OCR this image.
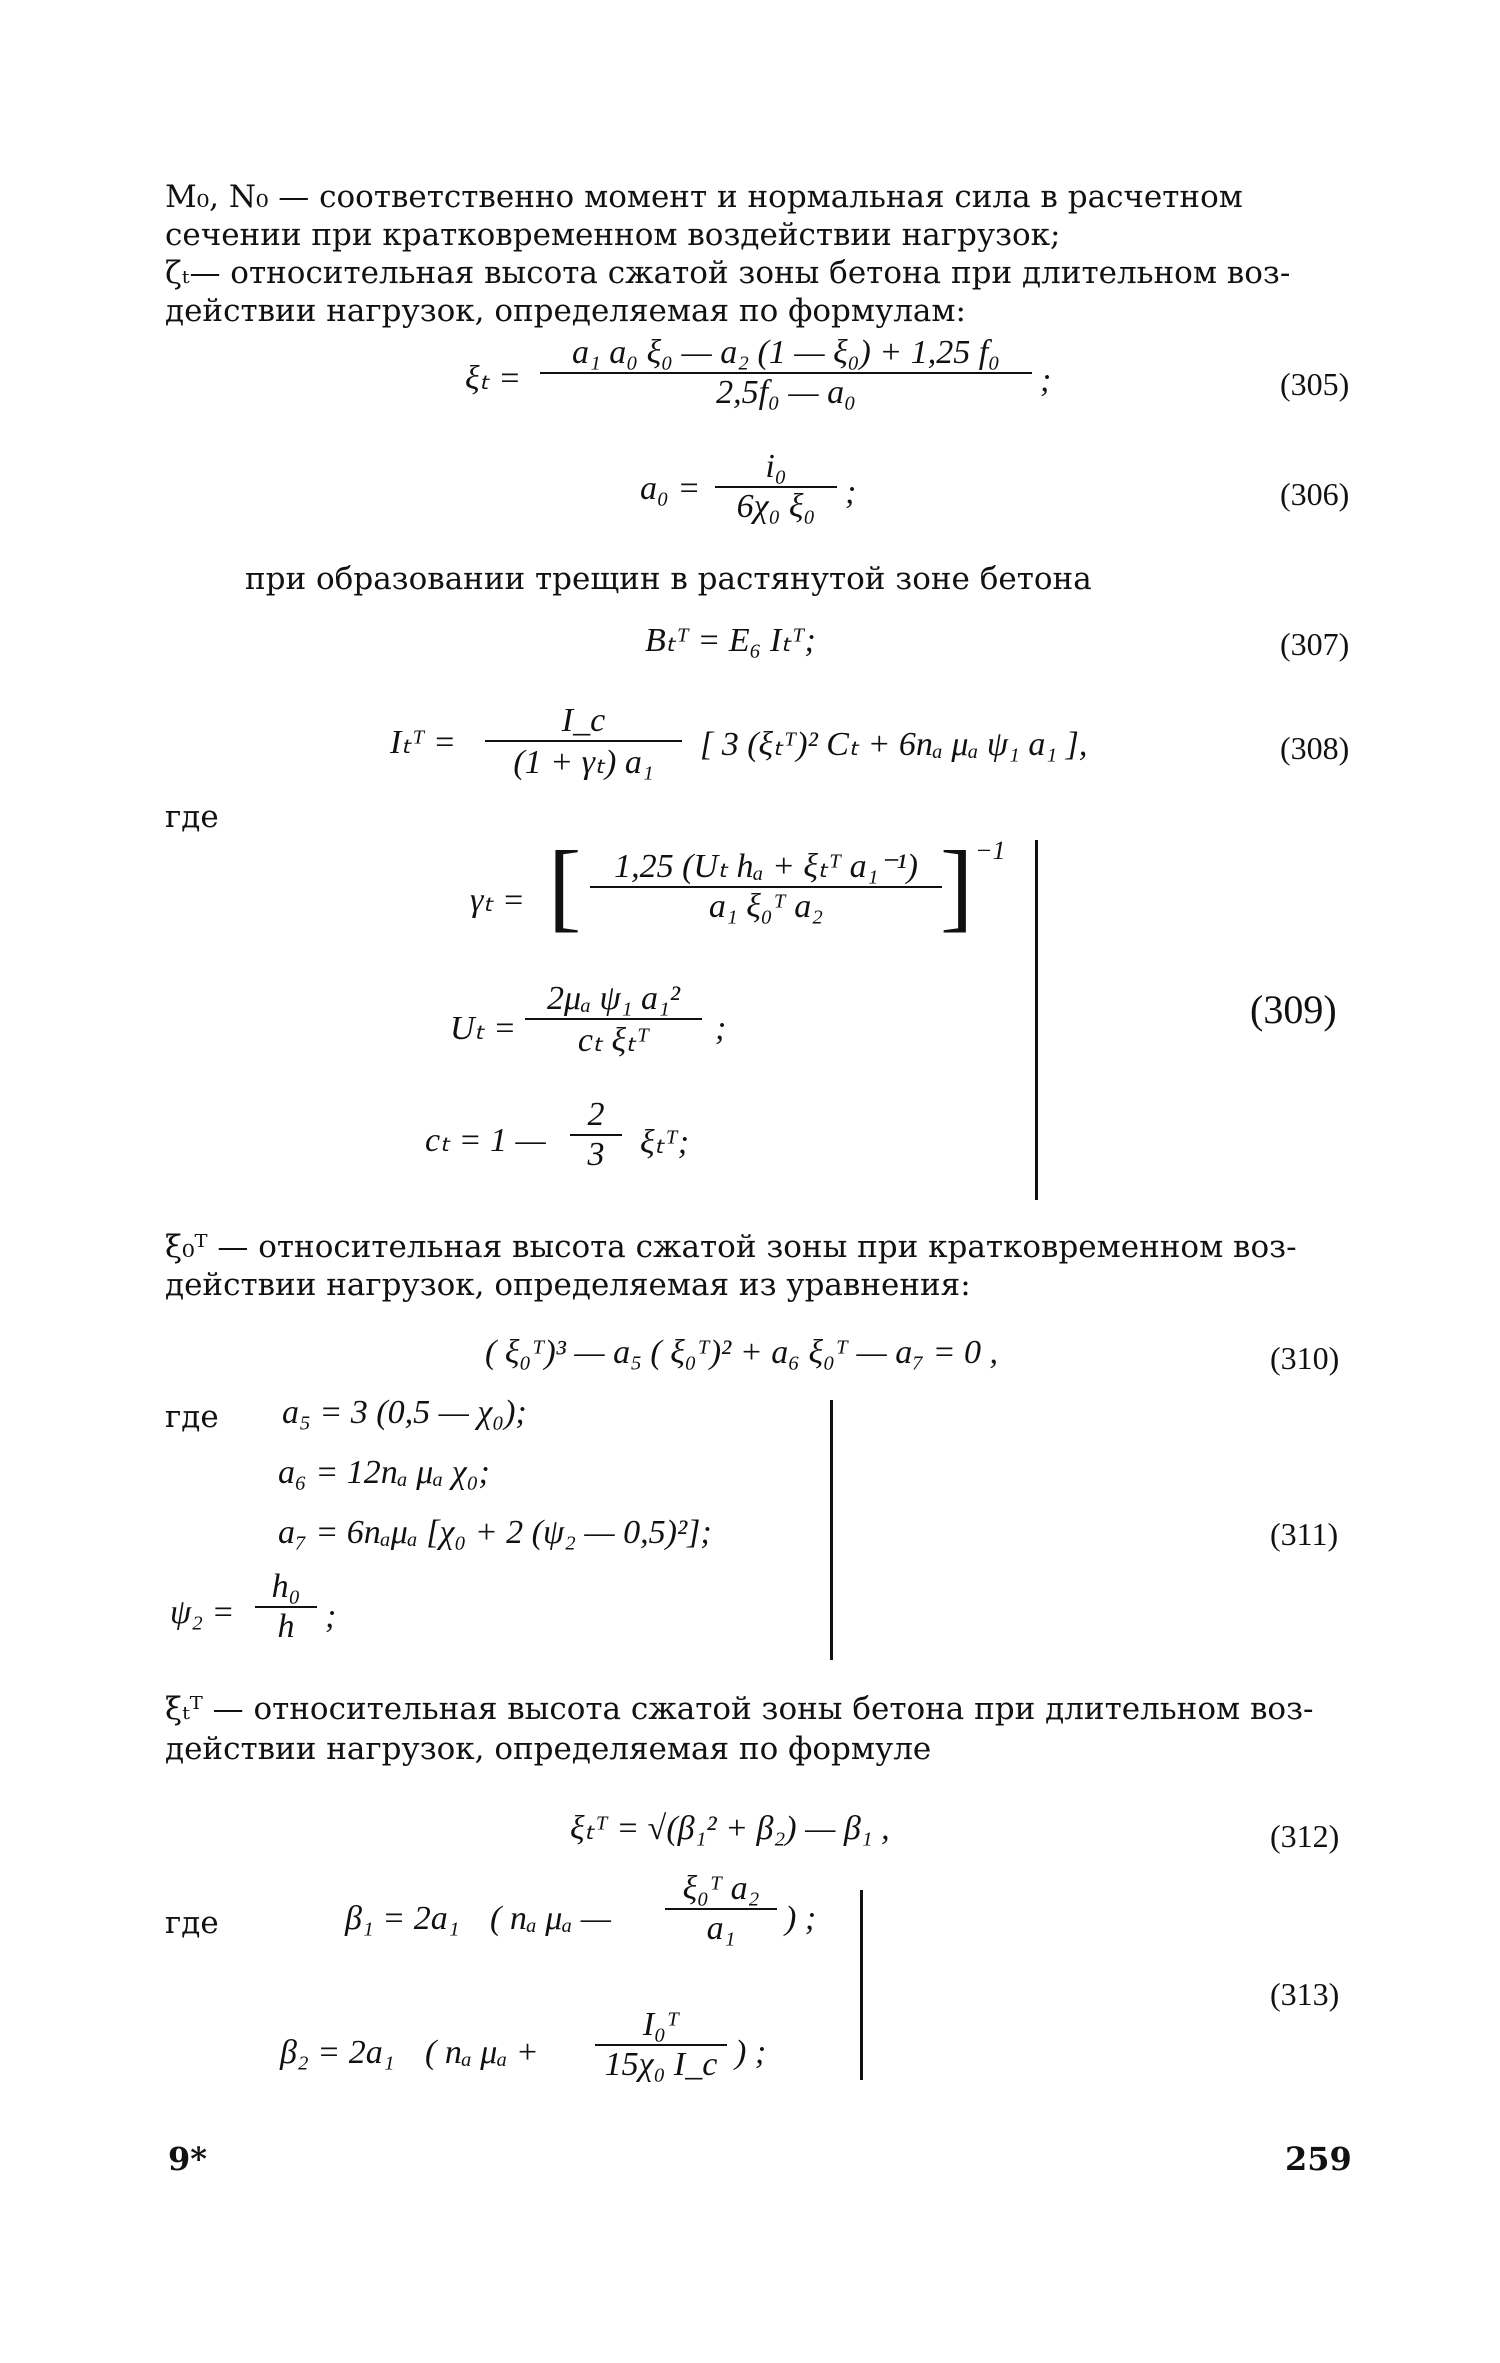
M₀, N₀ — соответственно момент и нормальная сила в расчетном
сечении при кратковременном воздействии нагрузок;
ζₜ— относительная высота сжатой зоны бетона при длительном воз-
действии нагрузок, определяемая по формулам:
$\xi_t = \frac{\text{a₁ a₀ ξ₀ — a₂ (1 — ξ₀) + 1,25 f₀}}{\text{2,5f₀ — a₀}}$ ;	(305)
$a_0 = \frac{\text{i₀}}{\text{6χ₀ ξ₀}}$ ;	(306)
при образовании трещин в растянутой зоне бетона
Bₜᵀ = E₆ Iₜᵀ;	(307)
Iₜᵀ = $\frac{I\_c}{\text{(1 + γₜ) a₁}}$ [ 3 (ξₜᵀ)² Cₜ + 6nₐ μₐ ψ₁ a₁ ],	(308)
где
γₜ = [ 1,25 (Uₜ hₐ + ξₜᵀ a₁⁻¹)
a₁ ξ₀ᵀ a₂	] −1
Uₜ =
2μₐ ψ₁ a₁²
cₜ ξₜᵀ	;
cₜ = 1 — $\frac{2}{3}$ ξₜᵀ;
(309)
ξ₀ᵀ — относительная высота сжатой зоны при кратковременном воз-
действии нагрузок, определяемая из уравнения:
( ξ₀ᵀ)³ — a₅ ( ξ₀ᵀ)² + a₆ ξ₀ᵀ — a₇ = 0 ,	(310)
где a₅ = 3 (0,5 — χ₀);
a₆ = 12nₐ μₐ χ₀;
a₇ = 6nₐμₐ [χ₀ + 2 (ψ₂ — 0,5)²];
$\psi_2 = \frac{\text{h₀}}{h}$ ;
(311)
ξₜᵀ — относительная высота сжатой зоны бетона при длительном воз-
действии нагрузок, определяемая по формуле
ξₜᵀ = √(β₁² + β₂) — β₁ ,	(312)
где	β₁ = 2a₁ ( nₐ μₐ — $\frac{\text{ξ₀ᵀ a₂}}{\text{a₁}}$ ) ;
β₂ = 2a₁ ( nₐ $\mu_a + \frac{\text{I₀ᵀ}}{\text{15χ₀ I\_c}}$ ) ;
(313)
9*	259
